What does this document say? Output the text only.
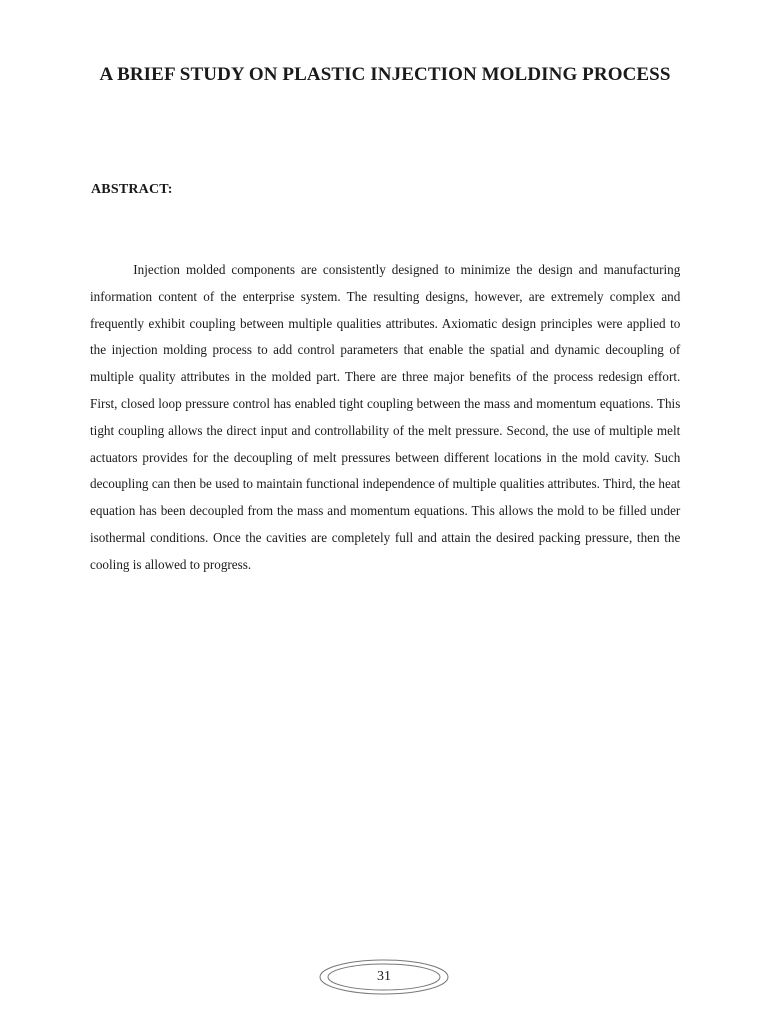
A BRIEF STUDY ON PLASTIC INJECTION MOLDING PROCESS
ABSTRACT:

Injection molded components are consistently designed to minimize the design and manufacturing information content of the enterprise system. The resulting designs, however, are extremely complex and frequently exhibit coupling between multiple qualities attributes. Axiomatic design principles were applied to the injection molding process to add control parameters that enable the spatial and dynamic decoupling of multiple quality attributes in the molded part. There are three major benefits of the process redesign effort. First, closed loop pressure control has enabled tight coupling between the mass and momentum equations. This tight coupling allows the direct input and controllability of the melt pressure. Second, the use of multiple melt actuators provides for the decoupling of melt pressures between different locations in the mold cavity. Such decoupling can then be used to maintain functional independence of multiple qualities attributes. Third, the heat equation has been decoupled from the mass and momentum equations. This allows the mold to be filled under isothermal conditions. Once the cavities are completely full and attain the desired packing pressure, then the cooling is allowed to progress.

31
